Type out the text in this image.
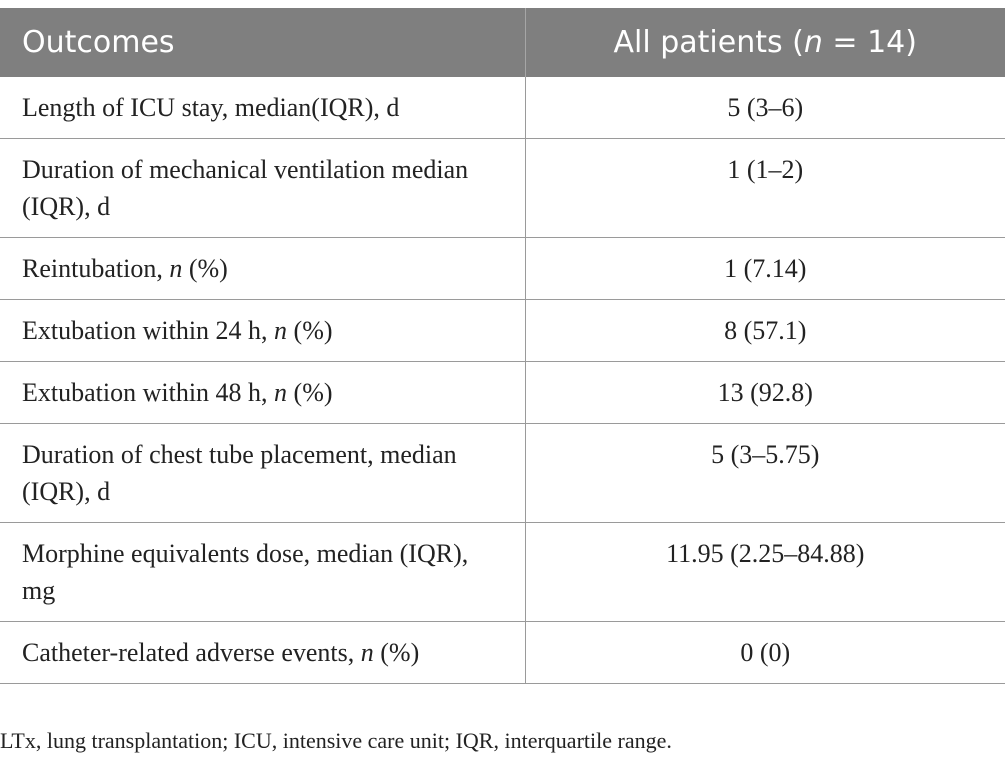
Outcomes	All patients (n = 14)

Length of ICU stay, median(IQR), d	5 (3–6)

Duration of mechanical ventilation median (IQR), d	1 (1–2)

Reintubation, n (%)	1 (7.14)

Extubation within 24 h, n (%)	8 (57.1)

Extubation within 48 h, n (%)	13 (92.8)

Duration of chest tube placement, median (IQR), d	5 (3–5.75)

Morphine equivalents dose, median (IQR), mg	11.95 (2.25–84.88)

Catheter-related adverse events, n (%)	0 (0)
LTx, lung transplantation; ICU, intensive care unit; IQR, interquartile range.
